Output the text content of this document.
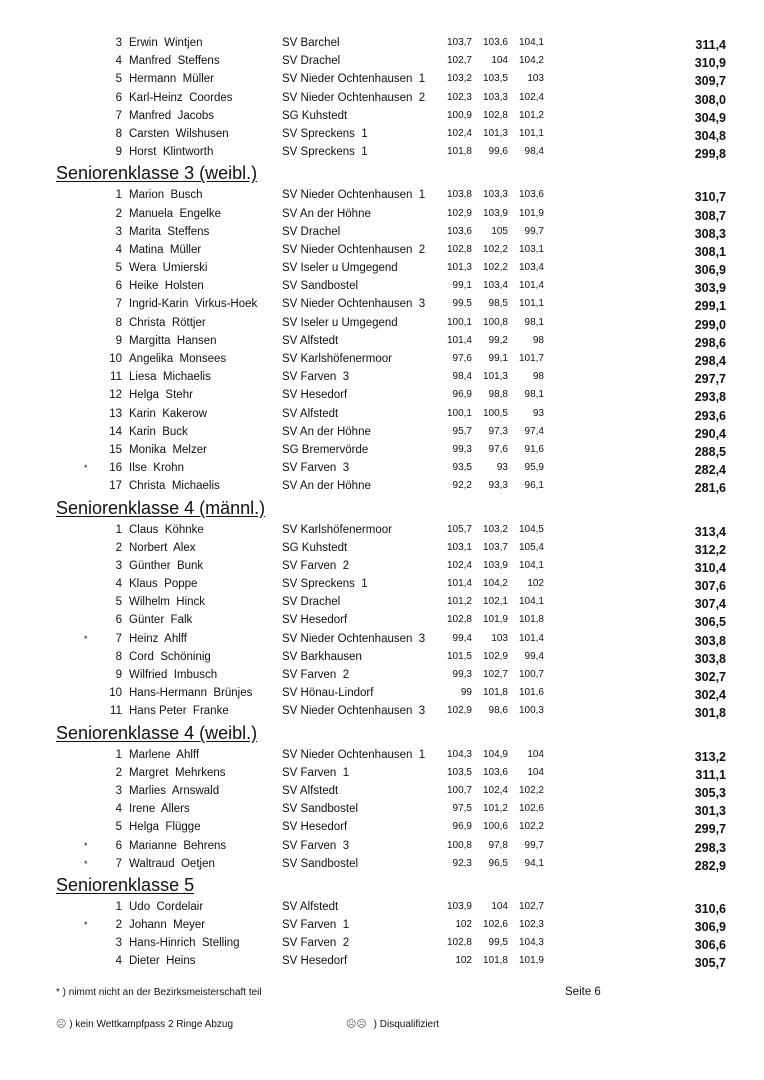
3 Erwin  Wintjen	SV Barchel	103,7	103,6	104,1	311,4
4 Manfred  Steffens	SV Drachel	102,7	104	104,2	310,9
5 Hermann  Müller	SV Nieder Ochtenhausen  1	103,2	103,5	103	309,7
6 Karl-Heinz  Coordes	SV Nieder Ochtenhausen  2	102,3	103,3	102,4	308,0
7 Manfred  Jacobs	SG Kuhstedt	100,9	102,8	101,2	304,9
8 Carsten  Wilshusen	SV Spreckens  1	102,4	101,3	101,1	304,8
9 Horst  Klintworth	SV Spreckens  1	101,8	99,6	98,4	299,8
Seniorenklasse 3 (weibl.)
1 Marion  Busch	SV Nieder Ochtenhausen  1	103,8	103,3	103,6	310,7
2 Manuela  Engelke	SV An der Höhne	102,9	103,9	101,9	308,7
3 Marita  Steffens	SV Drachel	103,6	105	99,7	308,3
4 Matina  Müller	SV Nieder Ochtenhausen  2	102,8	102,2	103,1	308,1
5 Wera  Umierski	SV Iseler u Umgegend	101,3	102,2	103,4	306,9
6 Heike  Holsten	SV Sandbostel	99,1	103,4	101,4	303,9
7 Ingrid-Karin  Virkus-Hoek SV Nieder Ochtenhausen  3	99,5	98,5	101,1	299,1
8 Christa  Röttjer	SV Iseler u Umgegend	100,1	100,8	98,1	299,0
9 Margitta  Hansen	SV Alfstedt	101,4	99,2	98	298,6
10 Angelika  Monsees	SV Karlshöfenermoor	97,6	99,1	101,7	298,4
11 Liesa  Michaelis	SV Farven  3	98,4	101,3	98	297,7
12 Helga  Stehr	SV Hesedorf	96,9	98,8	98,1	293,8
13 Karin  Kakerow	SV Alfstedt	100,1	100,5	93	293,6
14 Karin  Buck	SV An der Höhne	95,7	97,3	97,4	290,4
15 Monika  Melzer	SG Bremervörde	99,3	97,6	91,6	288,5
*	16 Ilse  Krohn	SV Farven  3	93,5	93	95,9	282,4
17 Christa  Michaelis	SV An der Höhne	92,2	93,3	96,1	281,6
Seniorenklasse 4 (männl.)
1 Claus  Köhnke	SV Karlshöfenermoor	105,7	103,2	104,5	313,4
2 Norbert  Alex	SG Kuhstedt	103,1	103,7	105,4	312,2
3 Günther  Bunk	SV Farven  2	102,4	103,9	104,1	310,4
4 Klaus  Poppe	SV Spreckens  1	101,4	104,2	102	307,6
5 Wilhelm  Hinck	SV Drachel	101,2	102,1	104,1	307,4
6 Günter  Falk	SV Hesedorf	102,8	101,9	101,8	306,5
*	7 Heinz  Ahlff	SV Nieder Ochtenhausen  3	99,4	103	101,4	303,8
8 Cord  Schöninig	SV Barkhausen	101,5	102,9	99,4	303,8
9 Wilfried  Imbusch	SV Farven  2	99,3	102,7	100,7	302,7
10 Hans-Hermann  Brünjes	SV Hönau-Lindorf	99	101,8	101,6	302,4
11 Hans Peter  Franke	SV Nieder Ochtenhausen  3	102,9	98,6	100,3	301,8
Seniorenklasse 4 (weibl.)
1 Marlene  Ahlff	SV Nieder Ochtenhausen  1	104,3	104,9	104	313,2
2 Margret  Mehrkens	SV Farven  1	103,5	103,6	104	311,1
3 Marlies  Arnswald	SV Alfstedt	100,7	102,4	102,2	305,3
4 Irene  Allers	SV Sandbostel	97,5	101,2	102,6	301,3
5 Helga  Flügge	SV Hesedorf	96,9	100,6	102,2	299,7
*	6 Marianne  Behrens	SV Farven  3	100,8	97,8	99,7	298,3
*	7 Waltraud  Oetjen	SV Sandbostel	92,3	96,5	94,1	282,9
Seniorenklasse 5
1 Udo  Cordelair	SV Alfstedt	103,9	104	102,7	310,6
*	2 Johann  Meyer	SV Farven  1	102	102,6	102,3	306,9
3 Hans-Hinrich  Stelling	SV Farven  2	102,8	99,5	104,3	306,6
4 Dieter  Heins	SV Hesedorf	102	101,8	101,9	305,7
* ) nimmt nicht an der Bezirksmeisterschaft teil	Seite 6
☹ ) kein Wettkampfpass 2 Ringe Abzug	☹☹ ) Disqualifiziert
